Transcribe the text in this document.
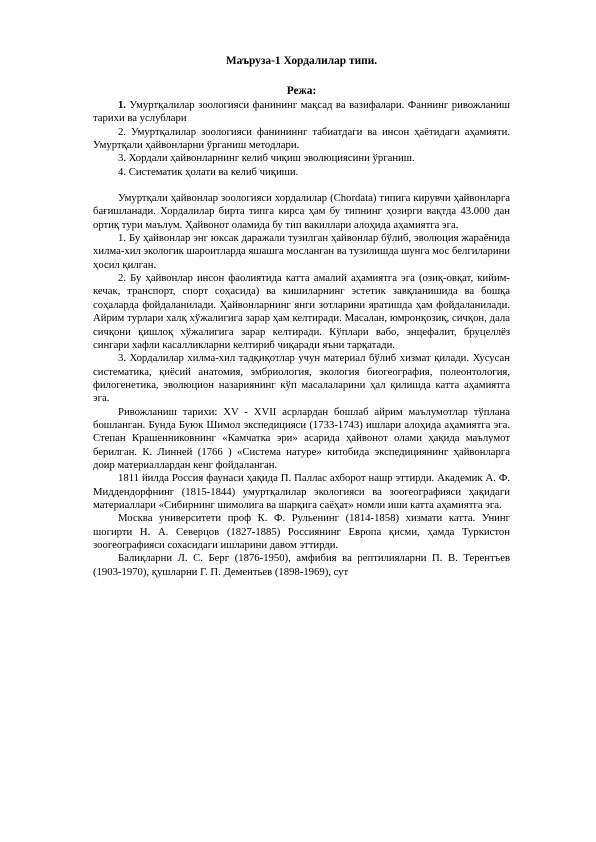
Маъруза-1 Хордалилар типи.

Режа:

1. Умуртқалилар зоологияси фанининг мақсад ва вазифалари. Фаннинг ривожланиш тарихи ва услублари

2. Умуртқалилар зоологияси фанининнг табиатдаги ва инсон ҳаётидаги аҳамияти. Умуртқали ҳайвонларни ўрганиш методлари.

3. Хордали ҳайвонларнинг келиб чиқиш эволюциясини ўрганиш.

4. Систематик ҳолати ва келиб чиқиши.

Умуртқали ҳайвонлар зоологияси хордалилар (Chordata) типига кирувчи ҳайвонларга бағишланади. Хордалилар бирта типга кирса ҳам бу типнинг ҳозирги вақтда 43.000 дан ортиқ тури маълум. Ҳайвонот оламида бу тип вакиллари алоҳида аҳамиятга эга.

1. Бу ҳайвонлар энг юксак даражали тузилган ҳайвонлар бўлиб, эволюция жараёнида хилма-хил экологик шароитларда яшашга мосланган ва тузилишда шунга мос белгиларини ҳосил қилган.

2. Бу ҳайвонлар инсон фаолиятида катта амалий аҳамиятга эга (озиқ-овқат, кийим-кечак, транспорт, спорт соҳасида) ва кишиларнинг эстетик завқланишида ва бошқа соҳаларда фойдаланилади. Ҳайвонларнинг янги зотларини яратишда ҳам фойдаланилади. Айрим турлари халқ хўжалигига зарар ҳам келтиради. Масалан, юмронқозиқ, сичқон, дала сичқони қишлоқ хўжалигига зарар келтиради. Кўплари вабо, энцефалит, бруцеллёз сингари хафли касалликларни келтириб чиқаради яъни тарқатади.

3. Хордалилар хилма-хил тадқиқотлар учун материал бўлиб хизмат қилади. Хусусан систематика, қиёсий анатомия, эмбриология, экология биогеография, полеонтология, филогенетика, эволюцион назариянинг кўп масалаларини ҳал қилишда катта аҳамиятга эга.

Ривожланиш тарихи: XV - XVII асрлардан бошлаб айрим маълумотлар тўплана бошланган. Бунда Буюк Шимол экспедицияси (1733-1743) ишлари алоҳида аҳамиятга эга. Степан Крашенниковнинг «Камчатка эри» асарида ҳайвонот олами ҳақида маълумот берилган. К. Линней (1766 ) «Система натуре» китобида экспедициянинг ҳайвонларга доир материаллардан кенг фойдаланган.

1811 йилда Россия фаунаси ҳақида П. Паллас ахборот нашр эттирди. Академик А. Ф. Миддендорфнинг (1815-1844) умуртқалилар экологияси ва зоогеографияси ҳақидаги материаллари «Сибирнинг шимолига ва шарқига саёҳат» номли иши катта аҳамиятга эга.

Москва университети проф К. Ф. Рульенинг (1814-1858) хизмати катта. Унинг шогирти Н. А. Северцов (1827-1885) Россиянинг Европа қисми, ҳамда Туркистон зоогеографияси сохасидаги ишларини давом эттирди.

Балиқларни Л. С. Берг (1876-1950), амфибия ва рептилияларни П. В. Терентъев (1903-1970), қушларни Г. П. Дементьев (1898-1969), сут
